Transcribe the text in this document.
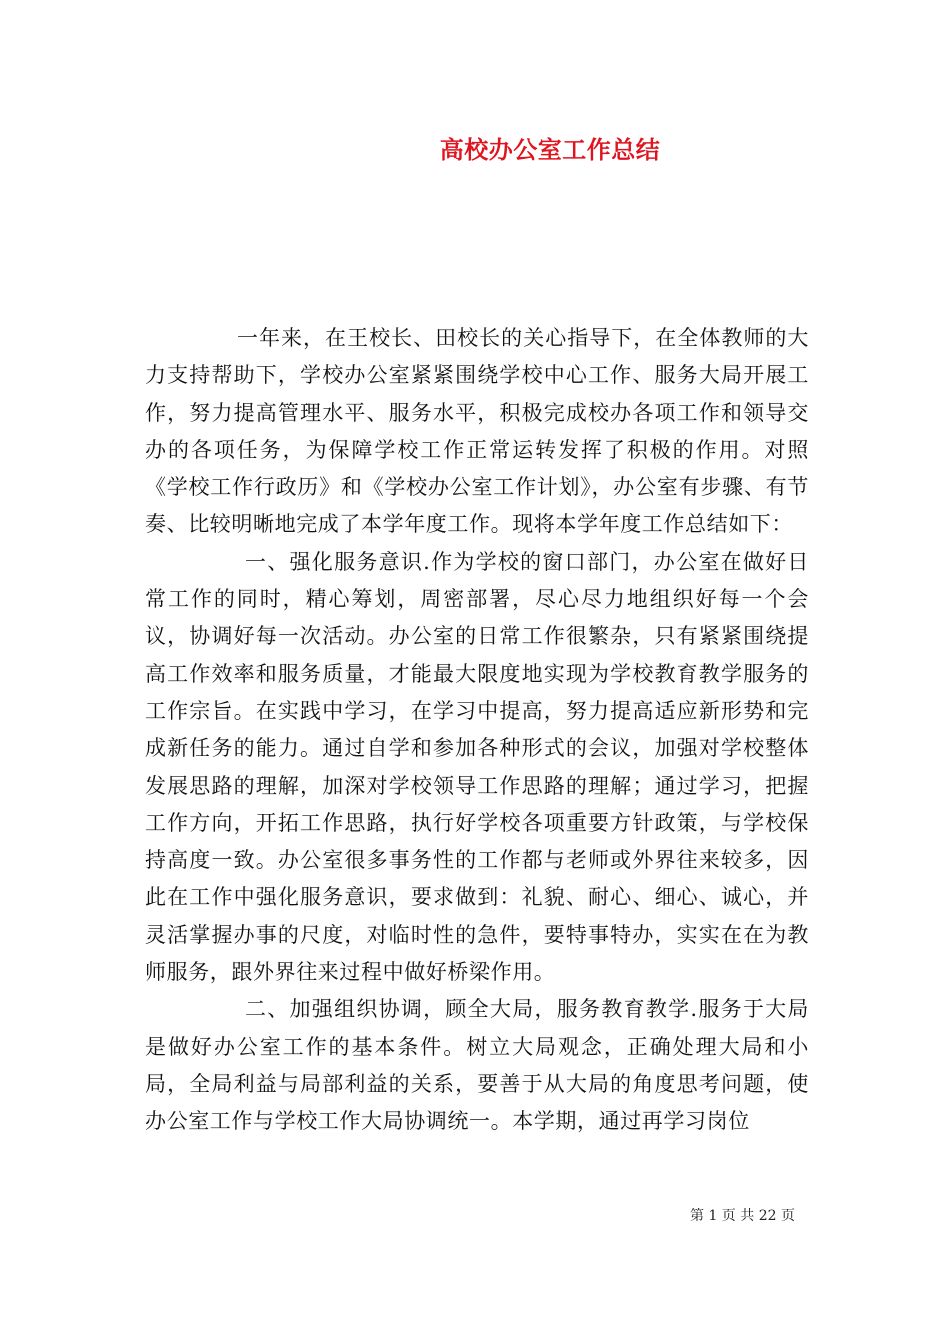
高校办公室工作总结

一年来，在王校长、田校长的关心指导下，在全体教师的大力支持帮助下，学校办公室紧紧围绕学校中心工作、服务大局开展工作，努力提高管理水平、服务水平，积极完成校办各项工作和领导交办的各项任务，为保障学校工作正常运转发挥了积极的作用。对照《学校工作行政历》和《学校办公室工作计划》，办公室有步骤、有节奏、比较明晰地完成了本学年度工作。现将本学年度工作总结如下：

一、强化服务意识.作为学校的窗口部门，办公室在做好日常工作的同时，精心筹划，周密部署，尽心尽力地组织好每一个会议，协调好每一次活动。办公室的日常工作很繁杂，只有紧紧围绕提高工作效率和服务质量，才能最大限度地实现为学校教育教学服务的工作宗旨。在实践中学习，在学习中提高，努力提高适应新形势和完成新任务的能力。通过自学和参加各种形式的会议，加强对学校整体发展思路的理解，加深对学校领导工作思路的理解；通过学习，把握工作方向，开拓工作思路，执行好学校各项重要方针政策，与学校保持高度一致。办公室很多事务性的工作都与老师或外界往来较多，因此在工作中强化服务意识，要求做到：礼貌、耐心、细心、诚心，并灵活掌握办事的尺度，对临时性的急件，要特事特办，实实在在为教师服务，跟外界往来过程中做好桥梁作用。

二、加强组织协调，顾全大局，服务教育教学.服务于大局是做好办公室工作的基本条件。树立大局观念，正确处理大局和小局，全局利益与局部利益的关系，要善于从大局的角度思考问题，使办公室工作与学校工作大局协调统一。本学期，通过再学习岗位

第 1 页 共 22 页
